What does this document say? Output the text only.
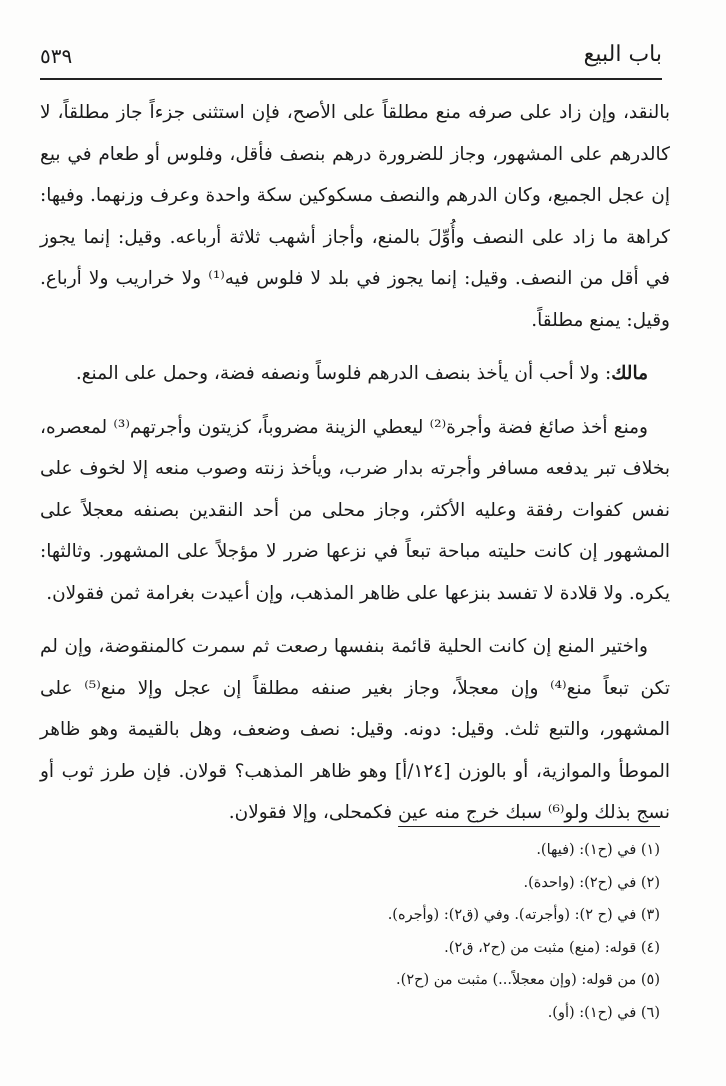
باب البيع
٥٣٩

بالنقد، وإن زاد على صرفه منع مطلقاً على الأصح، فإن استثنى جزءاً جاز مطلقاً، لا كالدرهم على المشهور، وجاز للضرورة درهم بنصف فأقل، وفلوس أو طعام في بيع إن عجل الجميع، وكان الدرهم والنصف مسكوكين سكة واحدة وعرف وزنهما. وفيها: كراهة ما زاد على النصف وأُوِّلَ بالمنع، وأجاز أشهب ثلاثة أرباعه. وقيل: إنما يجوز في أقل من النصف. وقيل: إنما يجوز في بلد لا فلوس فيه⁽¹⁾ ولا خراريب ولا أرباع. وقيل: يمنع مطلقاً.

مالك: ولا أحب أن يأخذ بنصف الدرهم فلوساً ونصفه فضة، وحمل على المنع.

ومنع أخذ صائغ فضة وأجرة⁽²⁾ ليعطي الزينة مضروباً، كزيتون وأجرتهم⁽³⁾ لمعصره، بخلاف تبر يدفعه مسافر وأجرته بدار ضرب، ويأخذ زنته وصوب منعه إلا لخوف على نفس كفوات رفقة وعليه الأكثر، وجاز محلى من أحد النقدين بصنفه معجلاً على المشهور إن كانت حليته مباحة تبعاً في نزعها ضرر لا مؤجلاً على المشهور. وثالثها: يكره. ولا قلادة لا تفسد بنزعها على ظاهر المذهب، وإن أعيدت بغرامة ثمن فقولان.

واختير المنع إن كانت الحلية قائمة بنفسها رصعت ثم سمرت كالمنقوضة، وإن لم تكن تبعاً منع⁽⁴⁾ وإن معجلاً، وجاز بغير صنفه مطلقاً إن عجل وإلا منع⁽⁵⁾ على المشهور، والتبع ثلث. وقيل: دونه. وقيل: نصف وضعف، وهل بالقيمة وهو ظاهر الموطأ والموازية، أو بالوزن [١٢٤/أ] وهو ظاهر المذهب؟ قولان. فإن طرز ثوب أو نسج بذلك ولو⁽⁶⁾ سبك خرج منه عين فكمحلى، وإلا فقولان.

(١) في (ح١): (فيها).
(٢) في (ح٢): (واحدة).
(٣) في (ح ٢): (وأجرته). وفي (ق٢): (وأجره).
(٤) قوله: (منع) مثبت من (ح٢، ق٢).
(٥) من قوله: (وإن معجلاً...) مثبت من (ح٢).
(٦) في (ح١): (أو).
